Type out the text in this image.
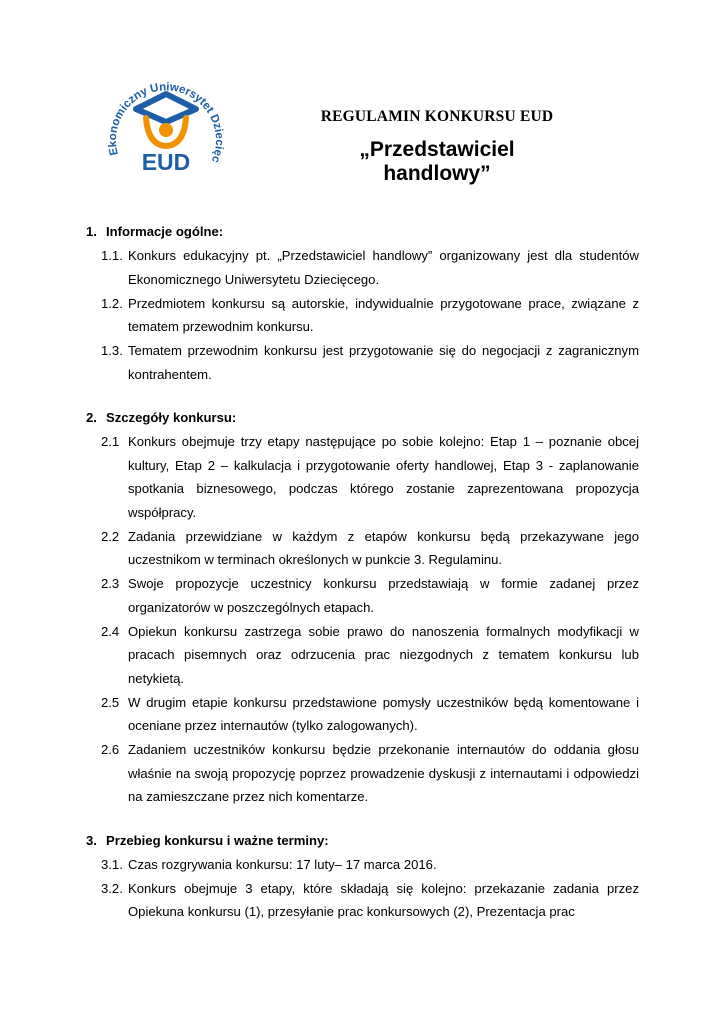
Ekonomiczny Uniwersytet Dziecięc
EUD
REGULAMIN KONKURSU EUD
„Przedstawiciel handlowy”
1. Informacje ogólne:
1.1. Konkurs edukacyjny pt. „Przedstawiciel handlowy” organizowany jest dla studentów Ekonomicznego Uniwersytetu Dziecięcego.
1.2. Przedmiotem konkursu są autorskie, indywidualnie przygotowane prace, związane z tematem przewodnim konkursu.
1.3. Tematem przewodnim konkursu jest przygotowanie się do negocjacji z zagranicznym kontrahentem.
2. Szczegóły konkursu:
2.1 Konkurs obejmuje trzy etapy następujące po sobie kolejno: Etap 1 – poznanie obcej kultury, Etap 2 – kalkulacja i przygotowanie oferty handlowej, Etap 3 - zaplanowanie spotkania biznesowego, podczas którego zostanie zaprezentowana propozycja współpracy.
2.2 Zadania przewidziane w każdym z etapów konkursu będą przekazywane jego uczestnikom w terminach określonych w punkcie 3. Regulaminu.
2.3 Swoje propozycje uczestnicy konkursu przedstawiają w formie zadanej przez organizatorów w poszczególnych etapach.
2.4 Opiekun konkursu zastrzega sobie prawo do nanoszenia formalnych modyfikacji w pracach pisemnych oraz odrzucenia prac niezgodnych z tematem konkursu lub netykietą.
2.5 W drugim etapie konkursu przedstawione pomysły uczestników będą komentowane i oceniane przez internautów (tylko zalogowanych).
2.6 Zadaniem uczestników konkursu będzie przekonanie internautów do oddania głosu właśnie na swoją propozycję poprzez prowadzenie dyskusji z internautami i odpowiedzi na zamieszczane przez nich komentarze.
3. Przebieg konkursu i ważne terminy:
3.1. Czas rozgrywania konkursu: 17 luty– 17 marca 2016.
3.2. Konkurs obejmuje 3 etapy, które składają się kolejno: przekazanie zadania przez Opiekuna konkursu (1), przesyłanie prac konkursowych (2), Prezentacja prac
